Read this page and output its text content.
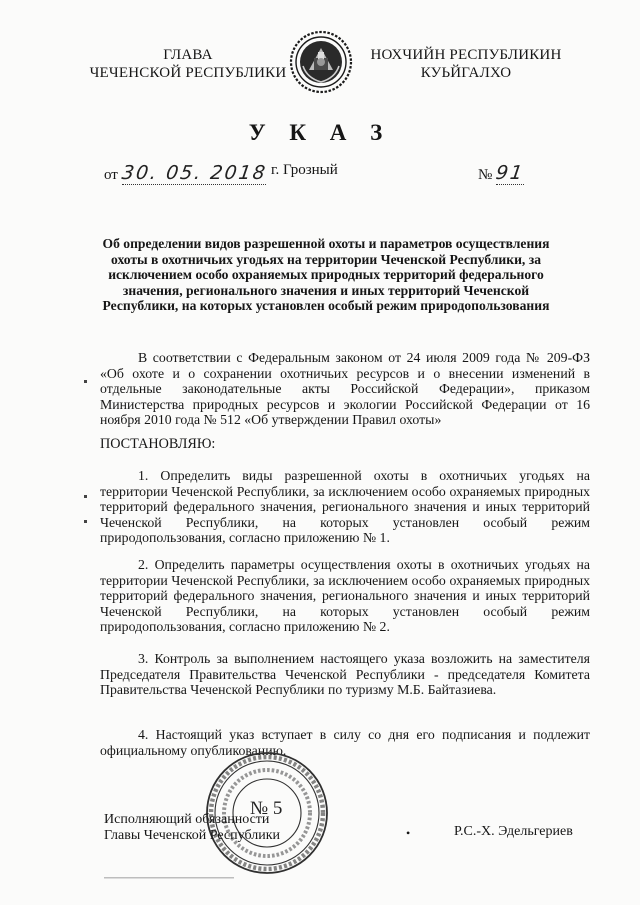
ГЛАВА
ЧЕЧЕНСКОЙ РЕСПУБЛИКИ
НОХЧИЙН РЕСПУБЛИКИН
КУЬЙГАЛХО
У К А З
от 30. 05. 2018 г. Грозный	№ 91
Об определении видов разрешенной охоты и параметров осуществления охоты в охотничьих угодьях на территории Чеченской Республики, за исключением особо охраняемых природных территорий федерального значения, регионального значения и иных территорий Чеченской Республики, на которых установлен особый режим природопользования
В соответствии с Федеральным законом от 24 июля 2009 года № 209-ФЗ «Об охоте и о сохранении охотничьих ресурсов и о внесении изменений в отдельные законодательные акты Российской Федерации», приказом Министерства природных ресурсов и экологии Российской Федерации от 16 ноября 2010 года № 512 «Об утверждении Правил охоты»
ПОСТАНОВЛЯЮ:
1. Определить виды разрешенной охоты в охотничьих угодьях на территории Чеченской Республики, за исключением особо охраняемых природных территорий федерального значения, регионального значения и иных территорий Чеченской Республики, на которых установлен особый режим природопользования, согласно приложению № 1.
2. Определить параметры осуществления охоты в охотничьих угодьях на территории Чеченской Республики, за исключением особо охраняемых природных территорий федерального значения, регионального значения и иных территорий Чеченской Республики, на которых установлен особый режим природопользования, согласно приложению № 2.
3. Контроль за выполнением настоящего указа возложить на заместителя Председателя Правительства Чеченской Республики - председателя Комитета Правительства Чеченской Республики по туризму М.Б. Байтазиева.
4. Настоящий указ вступает в силу со дня его подписания и подлежит официальному опубликованию.
№ 5
Исполняющий обязанности
Главы Чеченской Республики	•	Р.С.-Х. Эдельгериев
